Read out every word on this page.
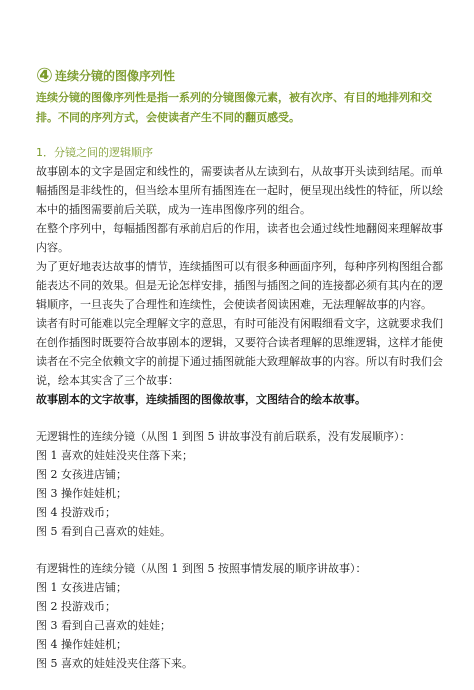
④ 连续分镜的图像序列性
连续分镜的图像序列性是指一系列的分镜图像元素，被有次序、有目的地排列和交排。不同的序列方式，会使读者产生不同的翻页感受。
1．分镜之间的逻辑顺序

故事剧本的文字是固定和线性的，需要读者从左读到右，从故事开头读到结尾。而单幅插图是非线性的，但当绘本里所有插图连在一起时，便呈现出线性的特征，所以绘本中的插图需要前后关联，成为一连串图像序列的组合。

在整个序列中，每幅插图都有承前启后的作用，读者也会通过线性地翻阅来理解故事内容。

为了更好地表达故事的情节，连续插图可以有很多种画面序列，每种序列构图组合都能表达不同的效果。但是无论怎样安排，插图与插图之间的连接都必须有其内在的逻辑顺序，一旦丧失了合理性和连续性，会使读者阅读困难，无法理解故事的内容。

读者有时可能难以完全理解文字的意思，有时可能没有闲暇细看文字，这就要求我们在创作插图时既要符合故事剧本的逻辑，又要符合读者理解的思维逻辑，这样才能使读者在不完全依赖文字的前提下通过插图就能大致理解故事的内容。所以有时我们会说，绘本其实含了三个故事：

故事剧本的文字故事，连续插图的图像故事，文图结合的绘本故事。

无逻辑性的连续分镜（从图 1 到图 5 讲故事没有前后联系，没有发展顺序）：

图 1 喜欢的娃娃没夹住落下来；

图 2 女孩进店铺；

图 3 操作娃娃机；

图 4 投游戏币；

图 5 看到自己喜欢的娃娃。

有逻辑性的连续分镜（从图 1 到图 5 按照事情发展的顺序讲故事）：

图 1 女孩进店铺；

图 2 投游戏币；

图 3 看到自己喜欢的娃娃；

图 4 操作娃娃机；

图 5 喜欢的娃娃没夹住落下来。
